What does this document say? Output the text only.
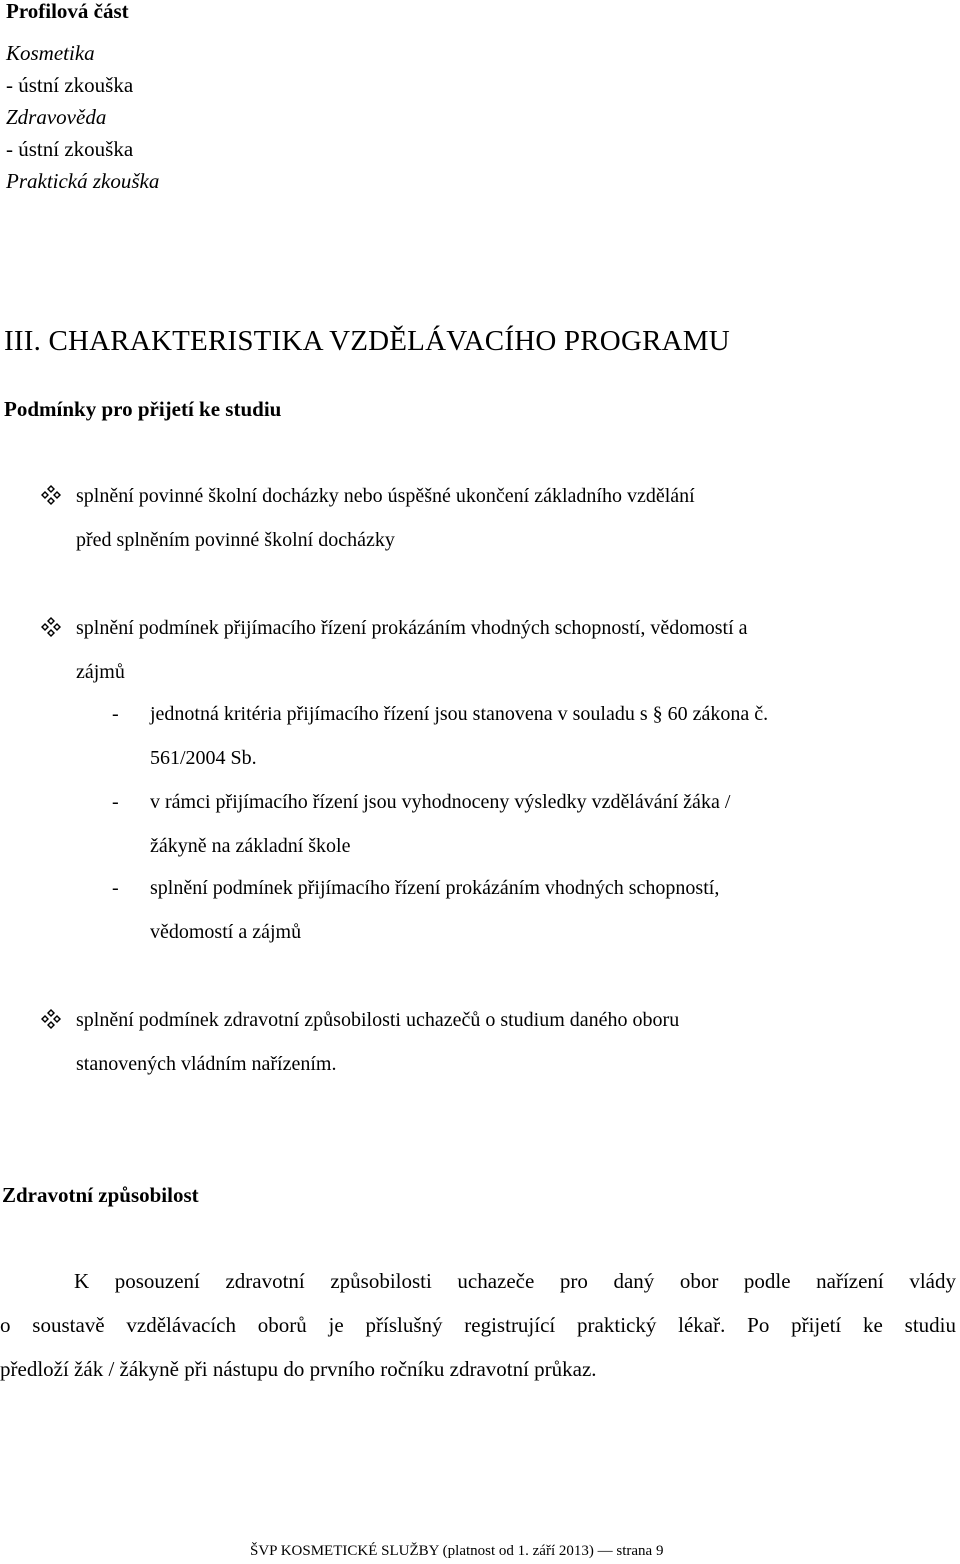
Profilová část
Kosmetika
- ústní zkouška
Zdravověda
- ústní zkouška
Praktická zkouška
III. CHARAKTERISTIKA VZDĚLÁVACÍHO PROGRAMU
Podmínky pro přijetí ke studiu
splnění povinné školní docházky nebo úspěšné ukončení základního vzdělání
před splněním povinné školní docházky
splnění podmínek přijímacího řízení prokázáním vhodných schopností, vědomostí a
zájmů
- jednotná kritéria přijímacího řízení jsou stanovena v souladu s § 60 zákona č.
561/2004 Sb.
- v rámci přijímacího řízení jsou vyhodnoceny výsledky vzdělávání žáka /
žákyně na základní škole
- splnění podmínek přijímacího řízení prokázáním vhodných schopností,
vědomostí a zájmů
splnění podmínek zdravotní způsobilosti uchazečů o studium daného oboru
stanovených vládním nařízením.
Zdravotní způsobilost
K posouzení zdravotní způsobilosti uchazeče pro daný obor podle nařízení vlády
o soustavě vzdělávacích oborů je příslušný registrující praktický lékař. Po přijetí ke studiu
předloží žák / žákyně při nástupu do prvního ročníku zdravotní průkaz.
ŠVP KOSMETICKÉ SLUŽBY (platnost od 1. září 2013) — strana 9
